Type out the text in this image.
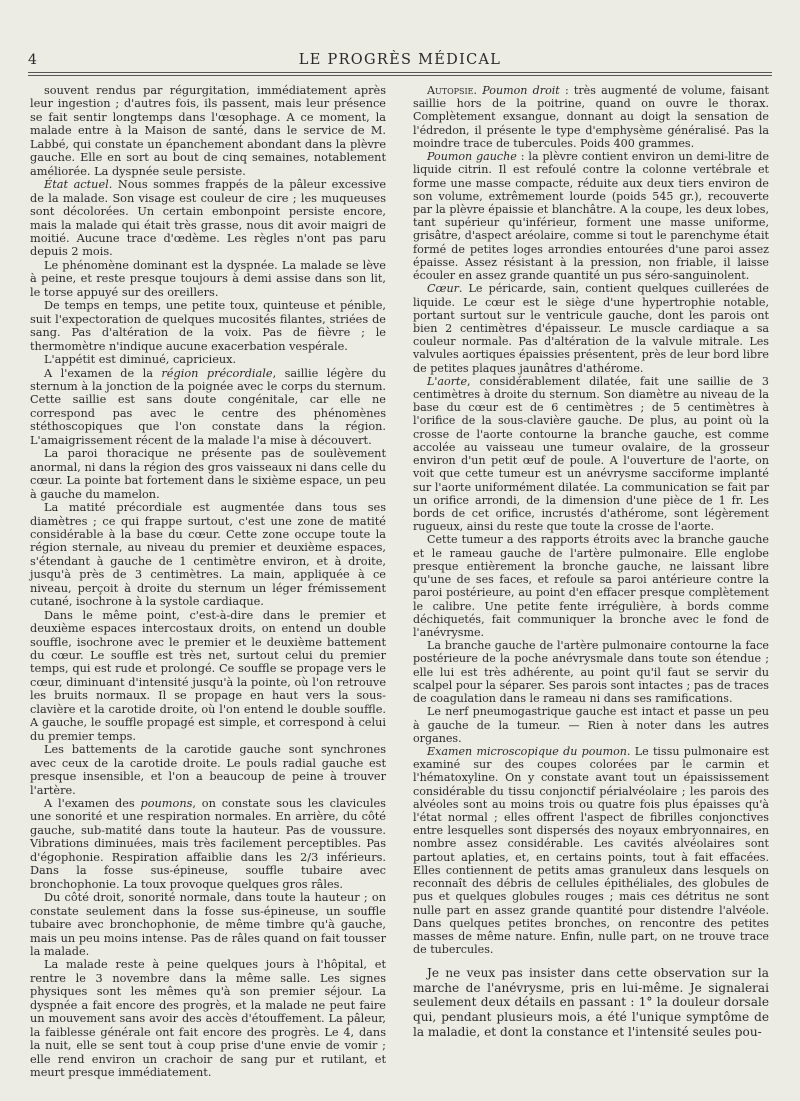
4	LE PROGRÈS MÉDICAL

souvent rendus par régurgitation, immédiatement après leur ingestion ; d'autres fois, ils passent, mais leur présence se fait sentir longtemps dans l'œsophage. A ce moment, la malade entre à la Maison de santé, dans le service de M. Labbé, qui constate un épanchement abondant dans la plèvre gauche. Elle en sort au bout de cinq semaines, notablement améliorée. La dyspnée seule persiste.

État actuel. Nous sommes frappés de la pâleur excessive de la malade. Son visage est couleur de cire ; les muqueuses sont décolorées. Un certain embonpoint persiste encore, mais la malade qui était très grasse, nous dit avoir maigri de moitié. Aucune trace d'œdème. Les règles n'ont pas paru depuis 2 mois.

Le phénomène dominant est la dyspnée. La malade se lève à peine, et reste presque toujours à demi assise dans son lit, le torse appuyé sur des oreillers.

De temps en temps, une petite toux, quinteuse et pénible, suit l'expectoration de quelques mucosités filantes, striées de sang. Pas d'altération de la voix. Pas de fièvre ; le thermomètre n'indique aucune exacerbation vespérale.

L'appétit est diminué, capricieux.

A l'examen de la région précordiale, saillie légère du sternum à la jonction de la poignée avec le corps du sternum. Cette saillie est sans doute congénitale, car elle ne correspond pas avec le centre des phénomènes stéthoscopiques que l'on constate dans la région. L'amaigrissement récent de la malade l'a mise à découvert.

La paroi thoracique ne présente pas de soulèvement anormal, ni dans la région des gros vaisseaux ni dans celle du cœur. La pointe bat fortement dans le sixième espace, un peu à gauche du mamelon.

La matité précordiale est augmentée dans tous ses diamètres ; ce qui frappe surtout, c'est une zone de matité considérable à la base du cœur. Cette zone occupe toute la région sternale, au niveau du premier et deuxième espaces, s'étendant à gauche de 1 centimètre environ, et à droite, jusqu'à près de 3 centimètres. La main, appliquée à ce niveau, perçoit à droite du sternum un léger frémissement cutané, isochrone à la systole cardiaque.

Dans le même point, c'est-à-dire dans le premier et deuxième espaces intercostaux droits, on entend un double souffle, isochrone avec le premier et le deuxième battement du cœur. Le souffle est très net, surtout celui du premier temps, qui est rude et prolongé. Ce souffle se propage vers le cœur, diminuant d'intensité jusqu'à la pointe, où l'on retrouve les bruits normaux. Il se propage en haut vers la sous-clavière et la carotide droite, où l'on entend le double souffle. A gauche, le souffle propagé est simple, et correspond à celui du premier temps.

Les battements de la carotide gauche sont synchrones avec ceux de la carotide droite. Le pouls radial gauche est presque insensible, et l'on a beaucoup de peine à trouver l'artère.

A l'examen des poumons, on constate sous les clavicules une sonorité et une respiration normales. En arrière, du côté gauche, sub-matité dans toute la hauteur. Pas de voussure. Vibrations diminuées, mais très facilement perceptibles. Pas d'égophonie. Respiration affaiblie dans les 2/3 inférieurs. Dans la fosse sus-épineuse, souffle tubaire avec bronchophonie. La toux provoque quelques gros râles.

Du côté droit, sonorité normale, dans toute la hauteur ; on constate seulement dans la fosse sus-épineuse, un souffle tubaire avec bronchophonie, de même timbre qu'à gauche, mais un peu moins intense. Pas de râles quand on fait tousser la malade.

La malade reste à peine quelques jours à l'hôpital, et rentre le 3 novembre dans la même salle. Les signes physiques sont les mêmes qu'à son premier séjour. La dyspnée a fait encore des progrès, et la malade ne peut faire un mouvement sans avoir des accès d'étouffement. La pâleur, la faiblesse générale ont fait encore des progrès. Le 4, dans la nuit, elle se sent tout à coup prise d'une envie de vomir ; elle rend environ un crachoir de sang pur et rutilant, et meurt presque immédiatement.

Autopsie. Poumon droit : très augmenté de volume, faisant saillie hors de la poitrine, quand on ouvre le thorax. Complètement exsangue, donnant au doigt la sensation de l'édredon, il présente le type d'emphysème généralisé. Pas la moindre trace de tubercules. Poids 400 grammes.

Poumon gauche : la plèvre contient environ un demi-litre de liquide citrin. Il est refoulé contre la colonne vertébrale et forme une masse compacte, réduite aux deux tiers environ de son volume, extrêmement lourde (poids 545 gr.), recouverte par la plèvre épaissie et blanchâtre. A la coupe, les deux lobes, tant supérieur qu'inférieur, forment une masse uniforme, grisâtre, d'aspect aréolaire, comme si tout le parenchyme était formé de petites loges arrondies entourées d'une paroi assez épaisse. Assez résistant à la pression, non friable, il laisse écouler en assez grande quantité un pus séro-sanguinolent.

Cœur. Le péricarde, sain, contient quelques cuillerées de liquide. Le cœur est le siège d'une hypertrophie notable, portant surtout sur le ventricule gauche, dont les parois ont bien 2 centimètres d'épaisseur. Le muscle cardiaque a sa couleur normale. Pas d'altération de la valvule mitrale. Les valvules aortiques épaissies présentent, près de leur bord libre de petites plaques jaunâtres d'athérome.

L'aorte, considérablement dilatée, fait une saillie de 3 centimètres à droite du sternum. Son diamètre au niveau de la base du cœur est de 6 centimètres ; de 5 centimètres à l'orifice de la sous-clavière gauche. De plus, au point où la crosse de l'aorte contourne la branche gauche, est comme accolée au vaisseau une tumeur ovalaire, de la grosseur environ d'un petit œuf de poule. A l'ouverture de l'aorte, on voit que cette tumeur est un anévrysme sacciforme implanté sur l'aorte uniformément dilatée. La communication se fait par un orifice arrondi, de la dimension d'une pièce de 1 fr. Les bords de cet orifice, incrustés d'athérome, sont légèrement rugueux, ainsi du reste que toute la crosse de l'aorte.

Cette tumeur a des rapports étroits avec la branche gauche et le rameau gauche de l'artère pulmonaire. Elle englobe presque entièrement la bronche gauche, ne laissant libre qu'une de ses faces, et refoule sa paroi antérieure contre la paroi postérieure, au point d'en effacer presque complètement le calibre. Une petite fente irrégulière, à bords comme déchiquetés, fait communiquer la bronche avec le fond de l'anévrysme.

La branche gauche de l'artère pulmonaire contourne la face postérieure de la poche anévrysmale dans toute son étendue ; elle lui est très adhérente, au point qu'il faut se servir du scalpel pour la séparer. Ses parois sont intactes ; pas de traces de coagulation dans le rameau ni dans ses ramifications.

Le nerf pneumogastrique gauche est intact et passe un peu à gauche de la tumeur. — Rien à noter dans les autres organes.

Examen microscopique du poumon. Le tissu pulmonaire est examiné sur des coupes colorées par le carmin et l'hématoxyline. On y constate avant tout un épaississement considérable du tissu conjonctif périalvéolaire ; les parois des alvéoles sont au moins trois ou quatre fois plus épaisses qu'à l'état normal ; elles offrent l'aspect de fibrilles conjonctives entre lesquelles sont dispersés des noyaux embryonnaires, en nombre assez considérable. Les cavités alvéolaires sont partout aplaties, et, en certains points, tout à fait effacées. Elles contiennent de petits amas granuleux dans lesquels on reconnaît des débris de cellules épithéliales, des globules de pus et quelques globules rouges ; mais ces détritus ne sont nulle part en assez grande quantité pour distendre l'alvéole. Dans quelques petites bronches, on rencontre des petites masses de même nature. Enfin, nulle part, on ne trouve trace de tubercules.

Je ne veux pas insister dans cette observation sur la marche de l'anévrysme, pris en lui-même. Je signalerai seulement deux détails en passant : 1° la douleur dorsale qui, pendant plusieurs mois, a été l'unique symptôme de la maladie, et dont la constance et l'intensité seules pou-
